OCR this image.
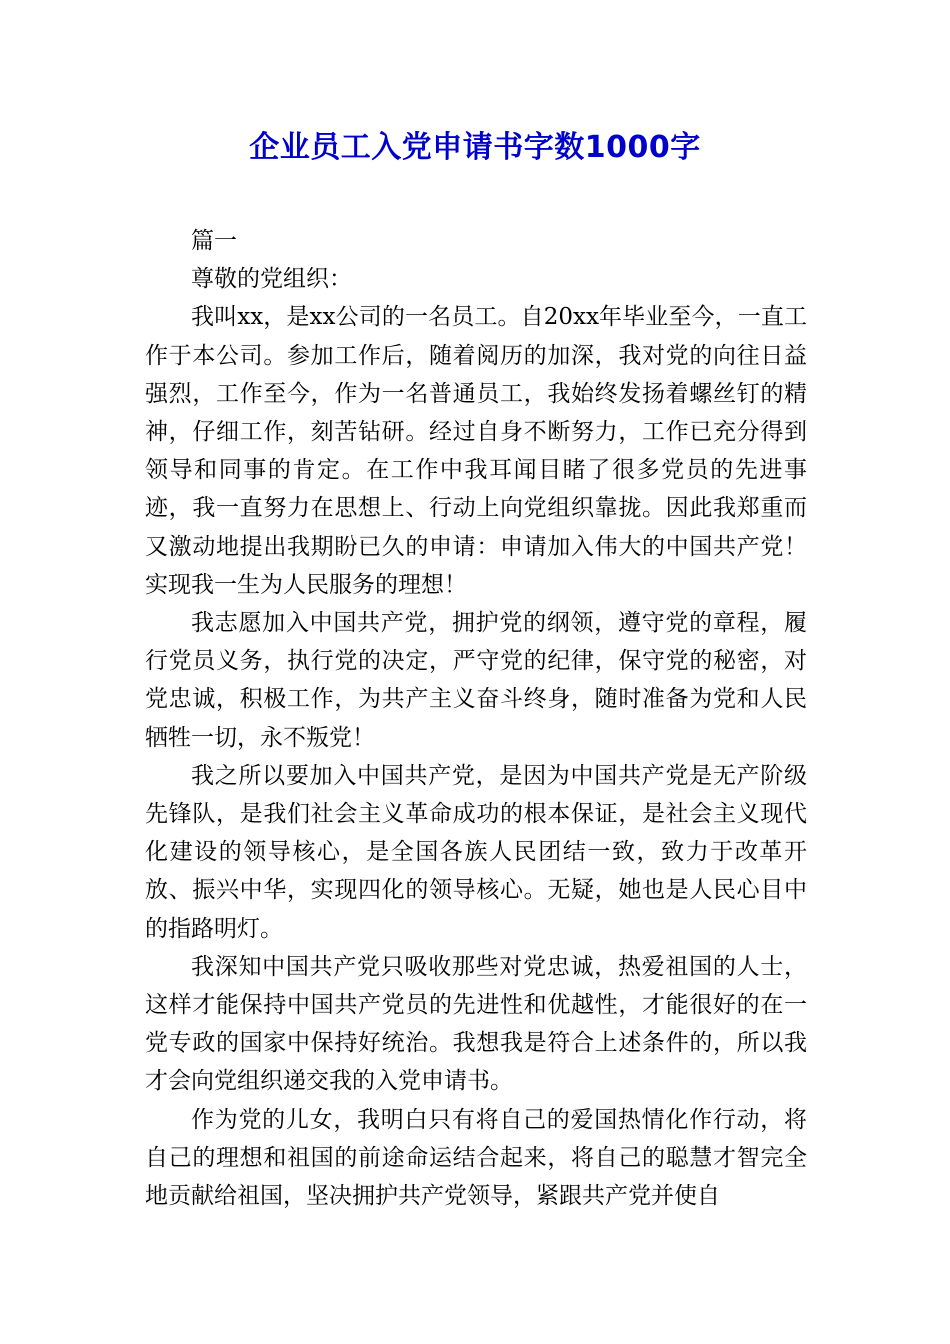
企业员工入党申请书字数1000字

篇一

尊敬的党组织：

我叫xx，是xx公司的一名员工。自20xx年毕业至今，一直工作于本公司。参加工作后，随着阅历的加深，我对党的向往日益强烈，工作至今，作为一名普通员工，我始终发扬着螺丝钉的精神，仔细工作，刻苦钻研。经过自身不断努力，工作已充分得到领导和同事的肯定。在工作中我耳闻目睹了很多党员的先进事迹，我一直努力在思想上、行动上向党组织靠拢。因此我郑重而又激动地提出我期盼已久的申请：申请加入伟大的中国共产党！实现我一生为人民服务的理想！

我志愿加入中国共产党，拥护党的纲领，遵守党的章程，履行党员义务，执行党的决定，严守党的纪律，保守党的秘密，对党忠诚，积极工作，为共产主义奋斗终身，随时准备为党和人民牺牲一切，永不叛党！

我之所以要加入中国共产党，是因为中国共产党是无产阶级先锋队，是我们社会主义革命成功的根本保证，是社会主义现代化建设的领导核心，是全国各族人民团结一致，致力于改革开放、振兴中华，实现四化的领导核心。无疑，她也是人民心目中的指路明灯。

我深知中国共产党只吸收那些对党忠诚，热爱祖国的人士，这样才能保持中国共产党员的先进性和优越性，才能很好的在一党专政的国家中保持好统治。我想我是符合上述条件的，所以我才会向党组织递交我的入党申请书。

作为党的儿女，我明白只有将自己的爱国热情化作行动，将自己的理想和祖国的前途命运结合起来，将自己的聪慧才智完全地贡献给祖国，坚决拥护共产党领导，紧跟共产党并使自
